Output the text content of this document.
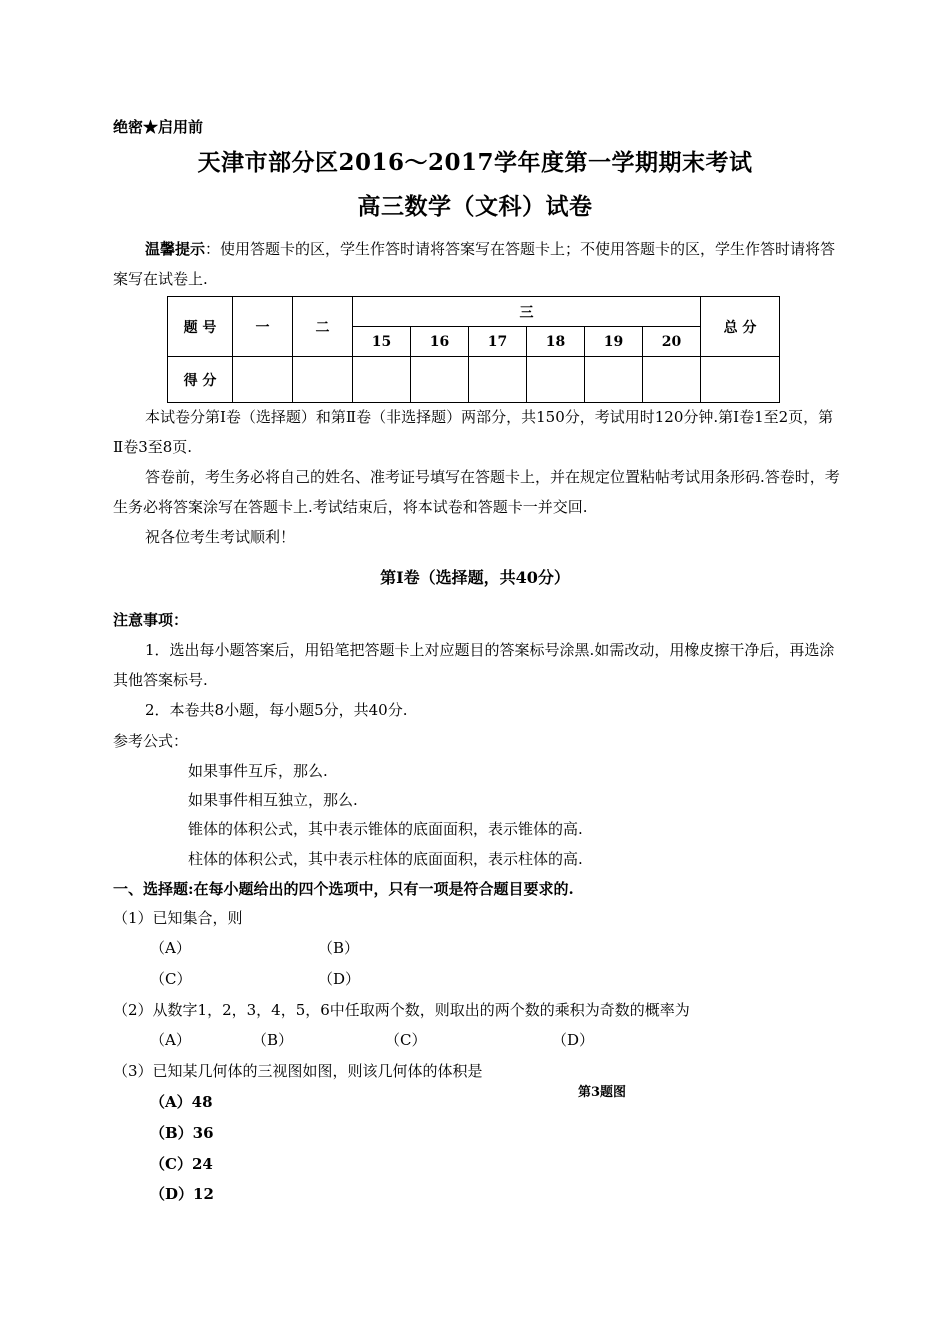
绝密★启用前
天津市部分区2016～2017学年度第一学期期末考试
高三数学（文科）试卷
温馨提示：使用答题卡的区，学生作答时请将答案写在答题卡上；不使用答题卡的区，学生作答时请将答案写在试卷上.
题 号	一	二	三						总 分
			15	16	17	18	19	20	
得 分									
本试卷分第Ⅰ卷（选择题）和第Ⅱ卷（非选择题）两部分，共150分，考试用时120分钟.第Ⅰ卷1至2页，第Ⅱ卷3至8页.
答卷前，考生务必将自己的姓名、准考证号填写在答题卡上，并在规定位置粘帖考试用条形码.答卷时，考生务必将答案涂写在答题卡上.考试结束后，将本试卷和答题卡一并交回.
祝各位考生考试顺利！
第Ⅰ卷（选择题，共40分）
注意事项：
1．选出每小题答案后，用铅笔把答题卡上对应题目的答案标号涂黑.如需改动，用橡皮擦干净后，再选涂其他答案标号.
2．本卷共8小题，每小题5分，共40分.
参考公式：
如果事件互斥，那么.
如果事件相互独立，那么.
锥体的体积公式，其中表示锥体的底面面积，表示锥体的高.
柱体的体积公式，其中表示柱体的底面面积，表示柱体的高.
一、选择题:在每小题给出的四个选项中，只有一项是符合题目要求的.
（1）已知集合，则
（A）	（B）
（C）	（D）
（2）从数字1，2，3，4，5，6中任取两个数，则取出的两个数的乘积为奇数的概率为
（A）	（B）	（C）	（D）
（3）已知某几何体的三视图如图，则该几何体的体积是
第3题图
（A）48
（B）36
（C）24
（D）12
